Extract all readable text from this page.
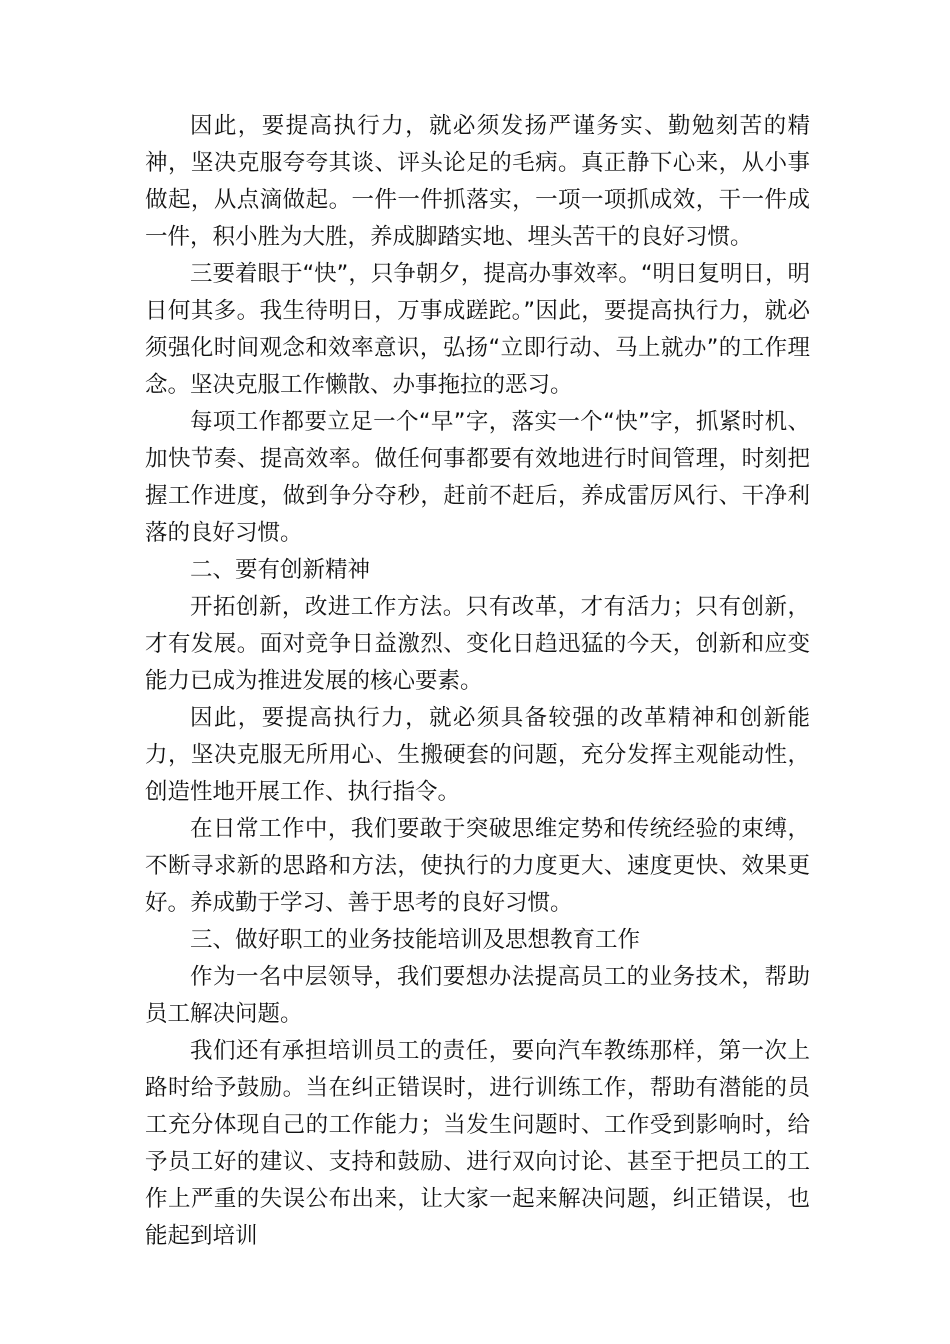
因此，要提高执行力，就必须发扬严谨务实、勤勉刻苦的精神，坚决克服夸夸其谈、评头论足的毛病。真正静下心来，从小事做起，从点滴做起。一件一件抓落实，一项一项抓成效，干一件成一件，积小胜为大胜，养成脚踏实地、埋头苦干的良好习惯。

三要着眼于“快”，只争朝夕，提高办事效率。“明日复明日，明日何其多。我生待明日，万事成蹉跎。”因此，要提高执行力，就必须强化时间观念和效率意识，弘扬“立即行动、马上就办”的工作理念。坚决克服工作懒散、办事拖拉的恶习。

每项工作都要立足一个“早”字，落实一个“快”字，抓紧时机、加快节奏、提高效率。做任何事都要有效地进行时间管理，时刻把握工作进度，做到争分夺秒，赶前不赶后，养成雷厉风行、干净利落的良好习惯。

二、要有创新精神

开拓创新，改进工作方法。只有改革，才有活力；只有创新，才有发展。面对竞争日益激烈、变化日趋迅猛的今天，创新和应变能力已成为推进发展的核心要素。

因此，要提高执行力，就必须具备较强的改革精神和创新能力，坚决克服无所用心、生搬硬套的问题，充分发挥主观能动性，创造性地开展工作、执行指令。

在日常工作中，我们要敢于突破思维定势和传统经验的束缚，不断寻求新的思路和方法，使执行的力度更大、速度更快、效果更好。养成勤于学习、善于思考的良好习惯。

三、做好职工的业务技能培训及思想教育工作

作为一名中层领导，我们要想办法提高员工的业务技术，帮助员工解决问题。

我们还有承担培训员工的责任，要向汽车教练那样，第一次上路时给予鼓励。当在纠正错误时，进行训练工作，帮助有潜能的员工充分体现自己的工作能力；当发生问题时、工作受到影响时，给予员工好的建议、支持和鼓励、进行双向讨论、甚至于把员工的工作上严重的失误公布出来，让大家一起来解决问题，纠正错误，也能起到培训
